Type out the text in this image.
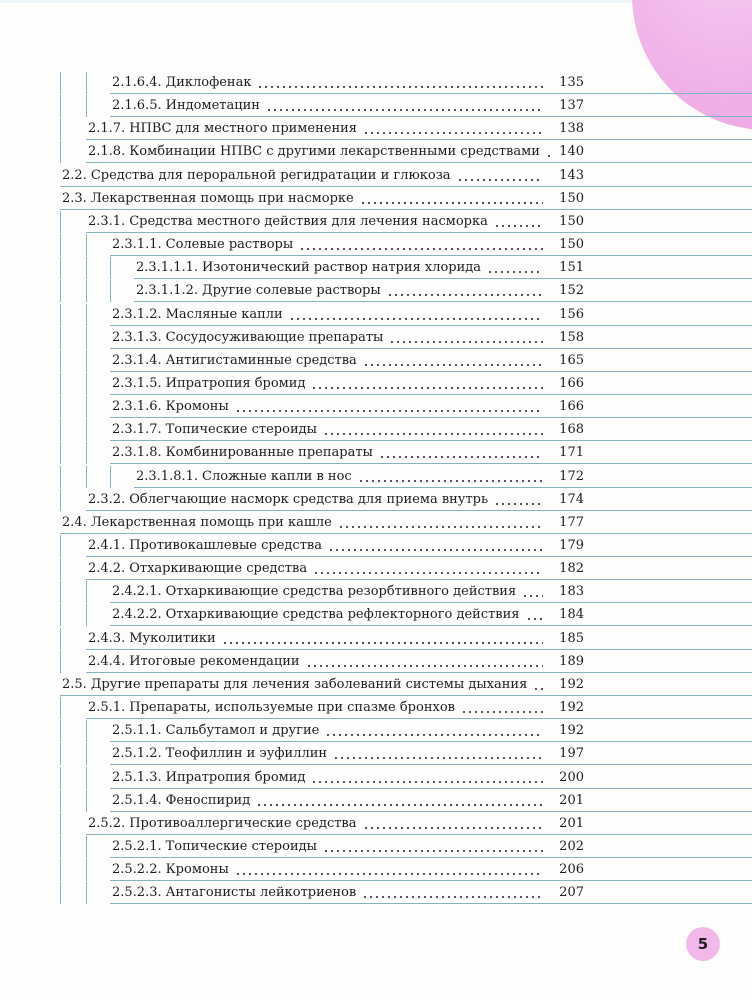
2.1.6.4. Диклофенак	135
2.1.6.5. Индометацин	137
2.1.7. НПВС для местного применения	138
2.1.8. Комбинации НПВС с другими лекарственными средствами	140
2.2. Средства для пероральной регидратации и глюкоза	143
2.3. Лекарственная помощь при насморке	150
2.3.1. Средства местного действия для лечения насморка	150
2.3.1.1. Солевые растворы	150
2.3.1.1.1. Изотонический раствор натрия хлорида	151
2.3.1.1.2. Другие солевые растворы	152
2.3.1.2. Масляные капли	156
2.3.1.3. Сосудосуживающие препараты	158
2.3.1.4. Антигистаминные средства	165
2.3.1.5. Ипратропия бромид	166
2.3.1.6. Кромоны	166
2.3.1.7. Топические стероиды	168
2.3.1.8. Комбинированные препараты	171
2.3.1.8.1. Сложные капли в нос	172
2.3.2. Облегчающие насморк средства для приема внутрь	174
2.4. Лекарственная помощь при кашле	177
2.4.1. Противокашлевые средства	179
2.4.2. Отхаркивающие средства	182
2.4.2.1. Отхаркивающие средства резорбтивного действия	183
2.4.2.2. Отхаркивающие средства рефлекторного действия	184
2.4.3. Муколитики	185
2.4.4. Итоговые рекомендации	189
2.5. Другие препараты для лечения заболеваний системы дыхания	192
2.5.1. Препараты, используемые при спазме бронхов	192
2.5.1.1. Сальбутамол и другие	192
2.5.1.2. Теофиллин и эуфиллин	197
2.5.1.3. Ипратропия бромид	200
2.5.1.4. Феноспирид	201
2.5.2. Противоаллергические средства	201
2.5.2.1. Топические стероиды	202
2.5.2.2. Кромоны	206
2.5.2.3. Антагонисты лейкотриенов	207
5
